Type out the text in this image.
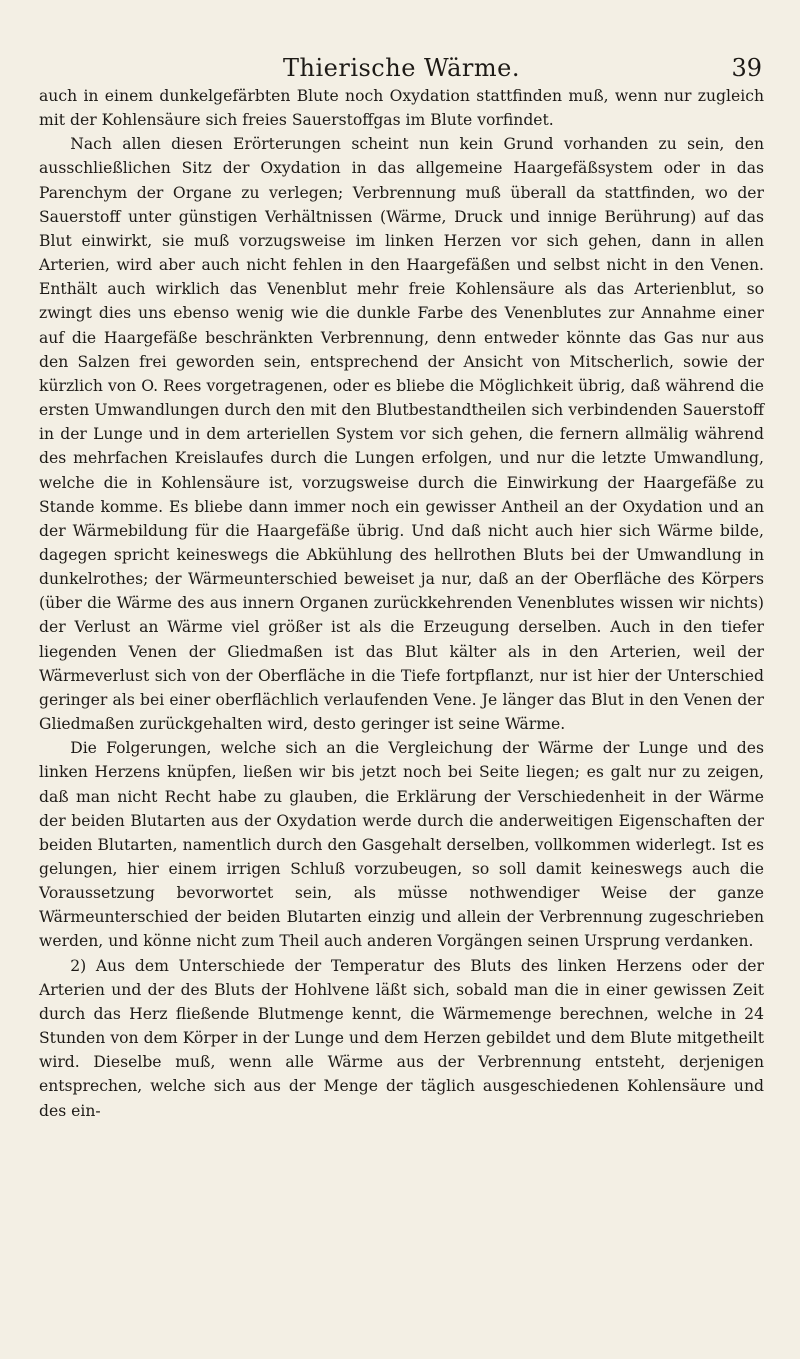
Thierische Wärme.	39

auch in einem dunkelgefärbten Blute noch Oxydation stattfinden muß, wenn nur zugleich mit der Kohlensäure sich freies Sauerstoffgas im Blute vorfindet.

Nach allen diesen Erörterungen scheint nun kein Grund vorhanden zu sein, den ausschließlichen Sitz der Oxydation in das allgemeine Haargefäßsystem oder in das Parenchym der Organe zu verlegen; Verbrennung muß überall da stattfinden, wo der Sauerstoff unter günstigen Verhältnissen (Wärme, Druck und innige Berührung) auf das Blut einwirkt, sie muß vorzugsweise im linken Herzen vor sich gehen, dann in allen Arterien, wird aber auch nicht fehlen in den Haargefäßen und selbst nicht in den Venen. Enthält auch wirklich das Venenblut mehr freie Kohlensäure als das Arterienblut, so zwingt dies uns ebenso wenig wie die dunkle Farbe des Venenblutes zur Annahme einer auf die Haargefäße beschränkten Verbrennung, denn entweder könnte das Gas nur aus den Salzen frei geworden sein, entsprechend der Ansicht von Mitscherlich, sowie der kürzlich von O. Rees vorgetragenen, oder es bliebe die Möglichkeit übrig, daß während die ersten Umwandlungen durch den mit den Blutbestandtheilen sich verbindenden Sauerstoff in der Lunge und in dem arteriellen System vor sich gehen, die fernern allmälig während des mehrfachen Kreislaufes durch die Lungen erfolgen, und nur die letzte Umwandlung, welche die in Kohlensäure ist, vorzugsweise durch die Einwirkung der Haargefäße zu Stande komme. Es bliebe dann immer noch ein gewisser Antheil an der Oxydation und an der Wärmebildung für die Haargefäße übrig. Und daß nicht auch hier sich Wärme bilde, dagegen spricht keineswegs die Abkühlung des hellrothen Bluts bei der Umwandlung in dunkelrothes; der Wärmeunterschied beweiset ja nur, daß an der Oberfläche des Körpers (über die Wärme des aus innern Organen zurückkehrenden Venenblutes wissen wir nichts) der Verlust an Wärme viel größer ist als die Erzeugung derselben. Auch in den tiefer liegenden Venen der Gliedmaßen ist das Blut kälter als in den Arterien, weil der Wärmeverlust sich von der Oberfläche in die Tiefe fortpflanzt, nur ist hier der Unterschied geringer als bei einer oberflächlich verlaufenden Vene. Je länger das Blut in den Venen der Gliedmaßen zurückgehalten wird, desto geringer ist seine Wärme.

Die Folgerungen, welche sich an die Vergleichung der Wärme der Lunge und des linken Herzens knüpfen, ließen wir bis jetzt noch bei Seite liegen; es galt nur zu zeigen, daß man nicht Recht habe zu glauben, die Erklärung der Verschiedenheit in der Wärme der beiden Blutarten aus der Oxydation werde durch die anderweitigen Eigenschaften der beiden Blutarten, namentlich durch den Gasgehalt derselben, vollkommen widerlegt. Ist es gelungen, hier einem irrigen Schluß vorzubeugen, so soll damit keineswegs auch die Voraussetzung bevorwortet sein, als müsse nothwendiger Weise der ganze Wärmeunterschied der beiden Blutarten einzig und allein der Verbrennung zugeschrieben werden, und könne nicht zum Theil auch anderen Vorgängen seinen Ursprung verdanken.

2) Aus dem Unterschiede der Temperatur des Bluts des linken Herzens oder der Arterien und der des Bluts der Hohlvene läßt sich, sobald man die in einer gewissen Zeit durch das Herz fließende Blutmenge kennt, die Wärmemenge berechnen, welche in 24 Stunden von dem Körper in der Lunge und dem Herzen gebildet und dem Blute mitgetheilt wird. Dieselbe muß, wenn alle Wärme aus der Verbrennung entsteht, derjenigen entsprechen, welche sich aus der Menge der täglich ausgeschiedenen Kohlensäure und des ein-
